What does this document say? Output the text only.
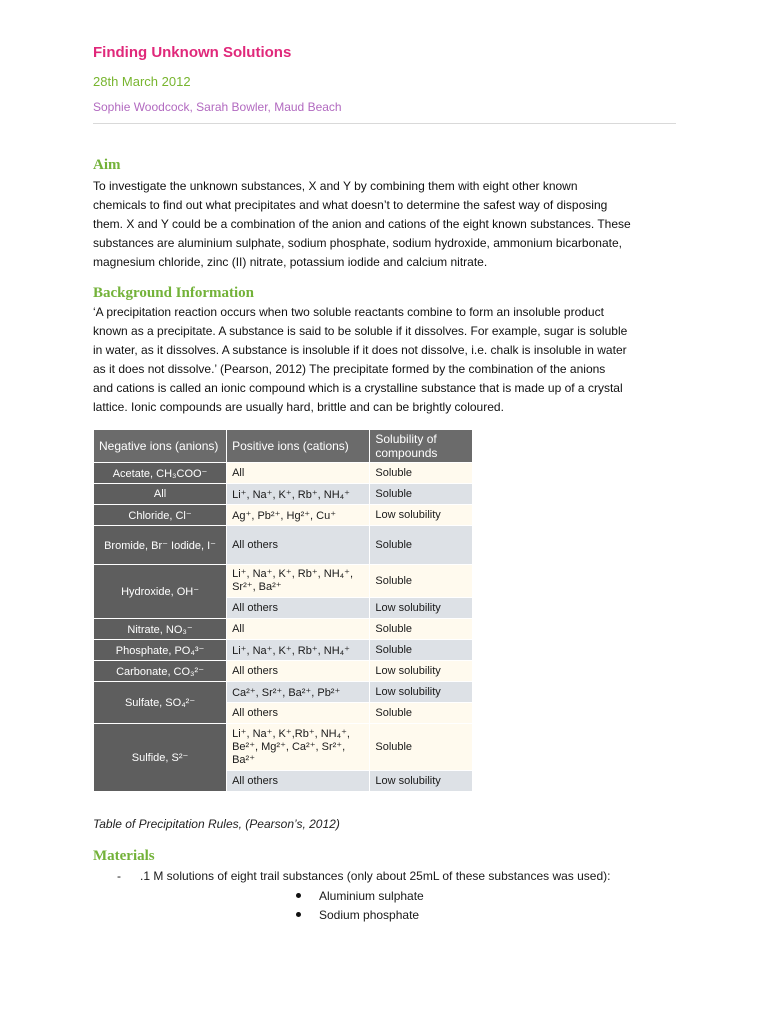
Finding Unknown Solutions
28th March 2012
Sophie Woodcock, Sarah Bowler, Maud Beach
Aim

To investigate the unknown substances, X and Y by combining them with eight other known

chemicals to find out what precipitates and what doesn’t to determine the safest way of disposing

them. X and Y could be a combination of the anion and cations of the eight known substances. These

substances are aluminium sulphate, sodium phosphate, sodium hydroxide, ammonium bicarbonate,

magnesium chloride, zinc (II) nitrate, potassium iodide and calcium nitrate.

Background Information

‘A precipitation reaction occurs when two soluble reactants combine to form an insoluble product

known as a precipitate. A substance is said to be soluble if it dissolves. For example, sugar is soluble

in water, as it dissolves. A substance is insoluble if it does not dissolve, i.e. chalk is insoluble in water

as it does not dissolve.’ (Pearson, 2012) The precipitate formed by the combination of the anions

and cations is called an ionic compound which is a crystalline substance that is made up of a crystal

lattice. Ionic compounds are usually hard, brittle and can be brightly coloured.

Negative ions (anions)	Positive ions (cations)	Solubility of compounds
Acetate, CH₃COO⁻	All	Soluble
All	Li⁺, Na⁺, K⁺, Rb⁺, NH₄⁺	Soluble
Chloride, Cl⁻	Ag⁺, Pb²⁺, Hg²⁺, Cu⁺	Low solubility
Bromide, Br⁻ Iodide, I⁻	All others	Soluble
Hydroxide, OH⁻	Li⁺, Na⁺, K⁺, Rb⁺, NH₄⁺, Sr²⁺, Ba²⁺	Soluble
	All others	Low solubility
Nitrate, NO₃⁻	All	Soluble
Phosphate, PO₄³⁻	Li⁺, Na⁺, K⁺, Rb⁺, NH₄⁺	Soluble
Carbonate, CO₃²⁻	All others	Low solubility
Sulfate, SO₄²⁻	Ca²⁺, Sr²⁺, Ba²⁺, Pb²⁺	Low solubility
	All others	Soluble
Sulfide, S²⁻	Li⁺, Na⁺, K⁺,Rb⁺, NH₄⁺, Be²⁺, Mg²⁺, Ca²⁺, Sr²⁺, Ba²⁺	Soluble
	All others	Low solubility
Table of Precipitation Rules, (Pearson’s, 2012)
Materials
- .1 M solutions of eight trail substances (only about 25mL of these substances was used):
Aluminium sulphate
Sodium phosphate
